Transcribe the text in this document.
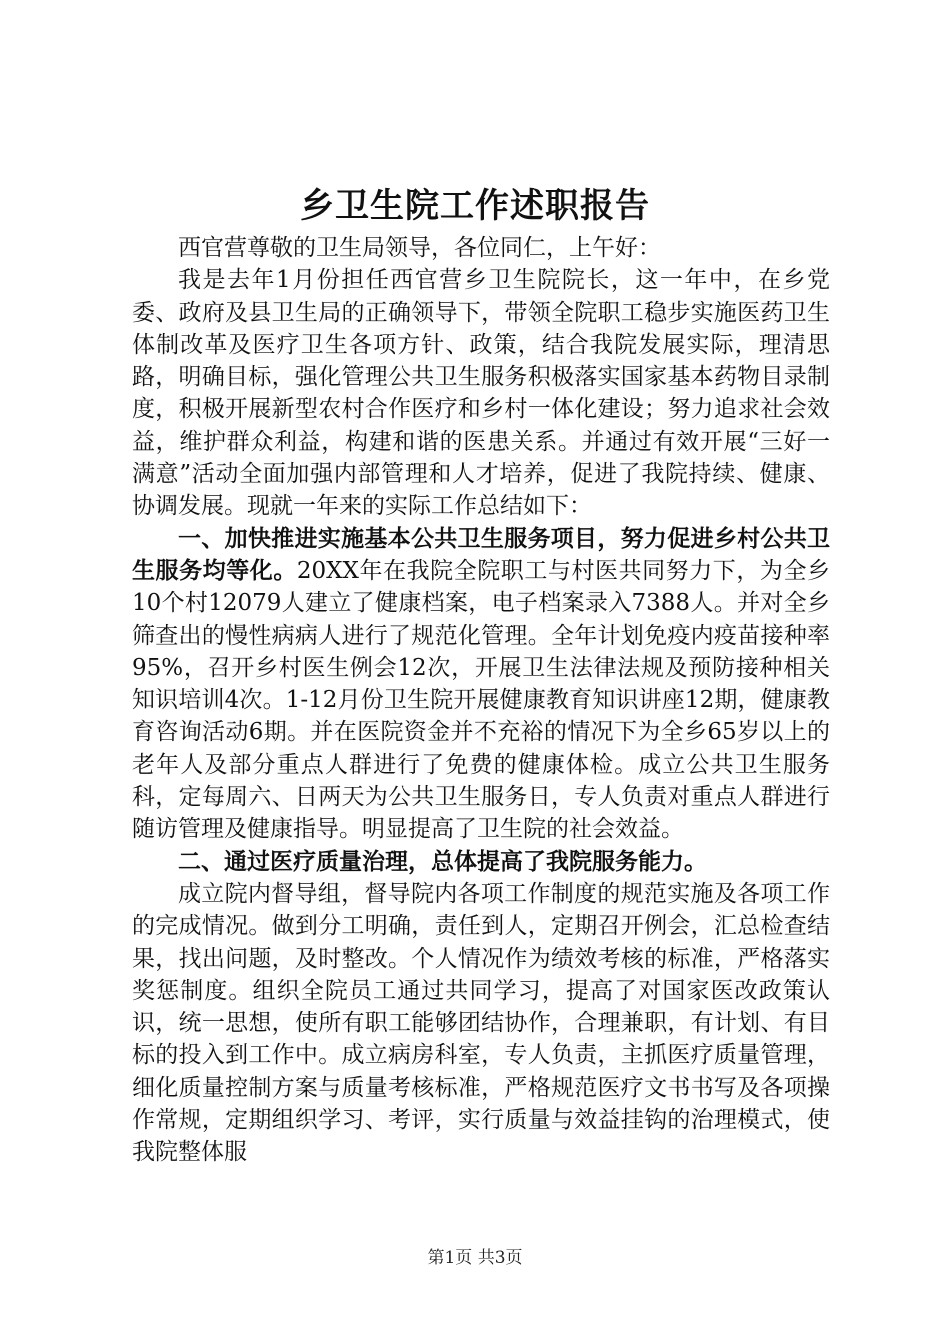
乡卫生院工作述职报告

西官营尊敬的卫生局领导，各位同仁，上午好：

我是去年1月份担任西官营乡卫生院院长，这一年中，在乡党委、政府及县卫生局的正确领导下，带领全院职工稳步实施医药卫生体制改革及医疗卫生各项方针、政策，结合我院发展实际，理清思路，明确目标，强化管理公共卫生服务积极落实国家基本药物目录制度，积极开展新型农村合作医疗和乡村一体化建设；努力追求社会效益，维护群众利益，构建和谐的医患关系。并通过有效开展“三好一满意”活动全面加强内部管理和人才培养，促进了我院持续、健康、协调发展。现就一年来的实际工作总结如下：

一、加快推进实施基本公共卫生服务项目，努力促进乡村公共卫生服务均等化。20XX年在我院全院职工与村医共同努力下，为全乡10个村12079人建立了健康档案，电子档案录入7388人。并对全乡筛查出的慢性病病人进行了规范化管理。全年计划免疫内疫苗接种率95%，召开乡村医生例会12次，开展卫生法律法规及预防接种相关知识培训4次。1-12月份卫生院开展健康教育知识讲座12期，健康教育咨询活动6期。并在医院资金并不充裕的情况下为全乡65岁以上的老年人及部分重点人群进行了免费的健康体检。成立公共卫生服务科，定每周六、日两天为公共卫生服务日，专人负责对重点人群进行随访管理及健康指导。明显提高了卫生院的社会效益。

二、通过医疗质量治理，总体提高了我院服务能力。

成立院内督导组，督导院内各项工作制度的规范实施及各项工作的完成情况。做到分工明确，责任到人，定期召开例会，汇总检查结果，找出问题，及时整改。个人情况作为绩效考核的标准，严格落实奖惩制度。组织全院员工通过共同学习，提高了对国家医改政策认识，统一思想，使所有职工能够团结协作，合理兼职，有计划、有目标的投入到工作中。成立病房科室，专人负责，主抓医疗质量管理，细化质量控制方案与质量考核标准，严格规范医疗文书书写及各项操作常规，定期组织学习、考评，实行质量与效益挂钩的治理模式，使我院整体服

第1页 共3页
